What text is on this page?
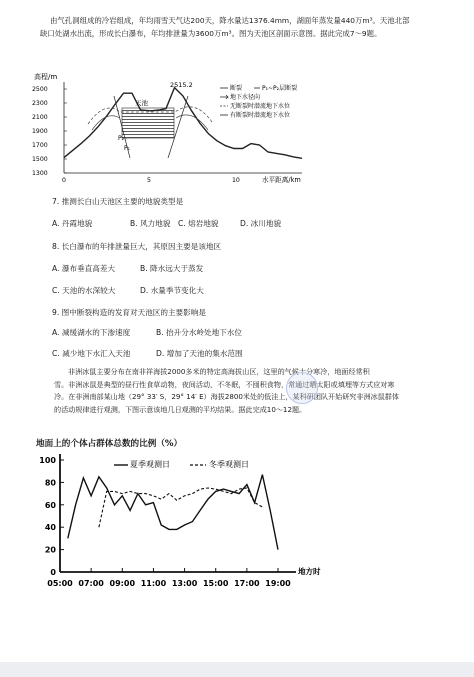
由气孔洞组成的冷岩组成，年均雨雪天气达200天，降水量达1376.4mm，湖面年蒸发量440万m³。天池北部
缺口处湖水出流，形成长白瀑布，年均排泄量为3600万m³。图为天池区剖面示意图。据此完成7～9题。
高程/m
2500
2300
2100
1900
1700
1500
1300
0	5	10	水平距离/km
2515.2
天池
P₂
P₁
断裂	P₁~P₂层断裂
地下水径向
无断裂时潜流地下水位
有断裂时潜流地下水位
7. 推测长白山天池区主要的地貌类型是
A. 丹霞地貌	B. 风力地貌 C. 熔岩地貌	D. 冰川地貌
8. 长白瀑布的年排泄量巨大，其原因主要是该地区
A. 瀑布垂直高差大	B. 降水远大于蒸发
C. 天池的水深较大	D. 水量季节变化大
9. 图中断裂构造的发育对天池区的主要影响是
A. 减缓湖水的下渗速度	B. 抬升分水岭处地下水位
C. 减少地下水汇入天池	D. 增加了天池的集水范围
非洲冰鼠主要分布在南非祥海拔2000多米的特定高海拔山区，这里的气候十分寒冷，地面经常积
雪。非洲冰鼠是典型的昼行性食草动物，夜间活动，不冬眠，不囤积食物，常通过晒太阳或填埋等方式应对寒
冷。在非洲南部某山地（29° 33′ S，29° 14′ E）海拔2800米处的低洼上，某科研团队开始研究非洲冰鼠群体
的活动规律进行观测，下图示意该地几日观测的平均结果。据此完成10～12题。
地面上的个体占群体总数的比例（%）
100
80
60
40
20
0
05:00 07:00 09:00 11:00 13:00 15:00 17:00 19:00
地方时
夏季观测日	冬季观测日
